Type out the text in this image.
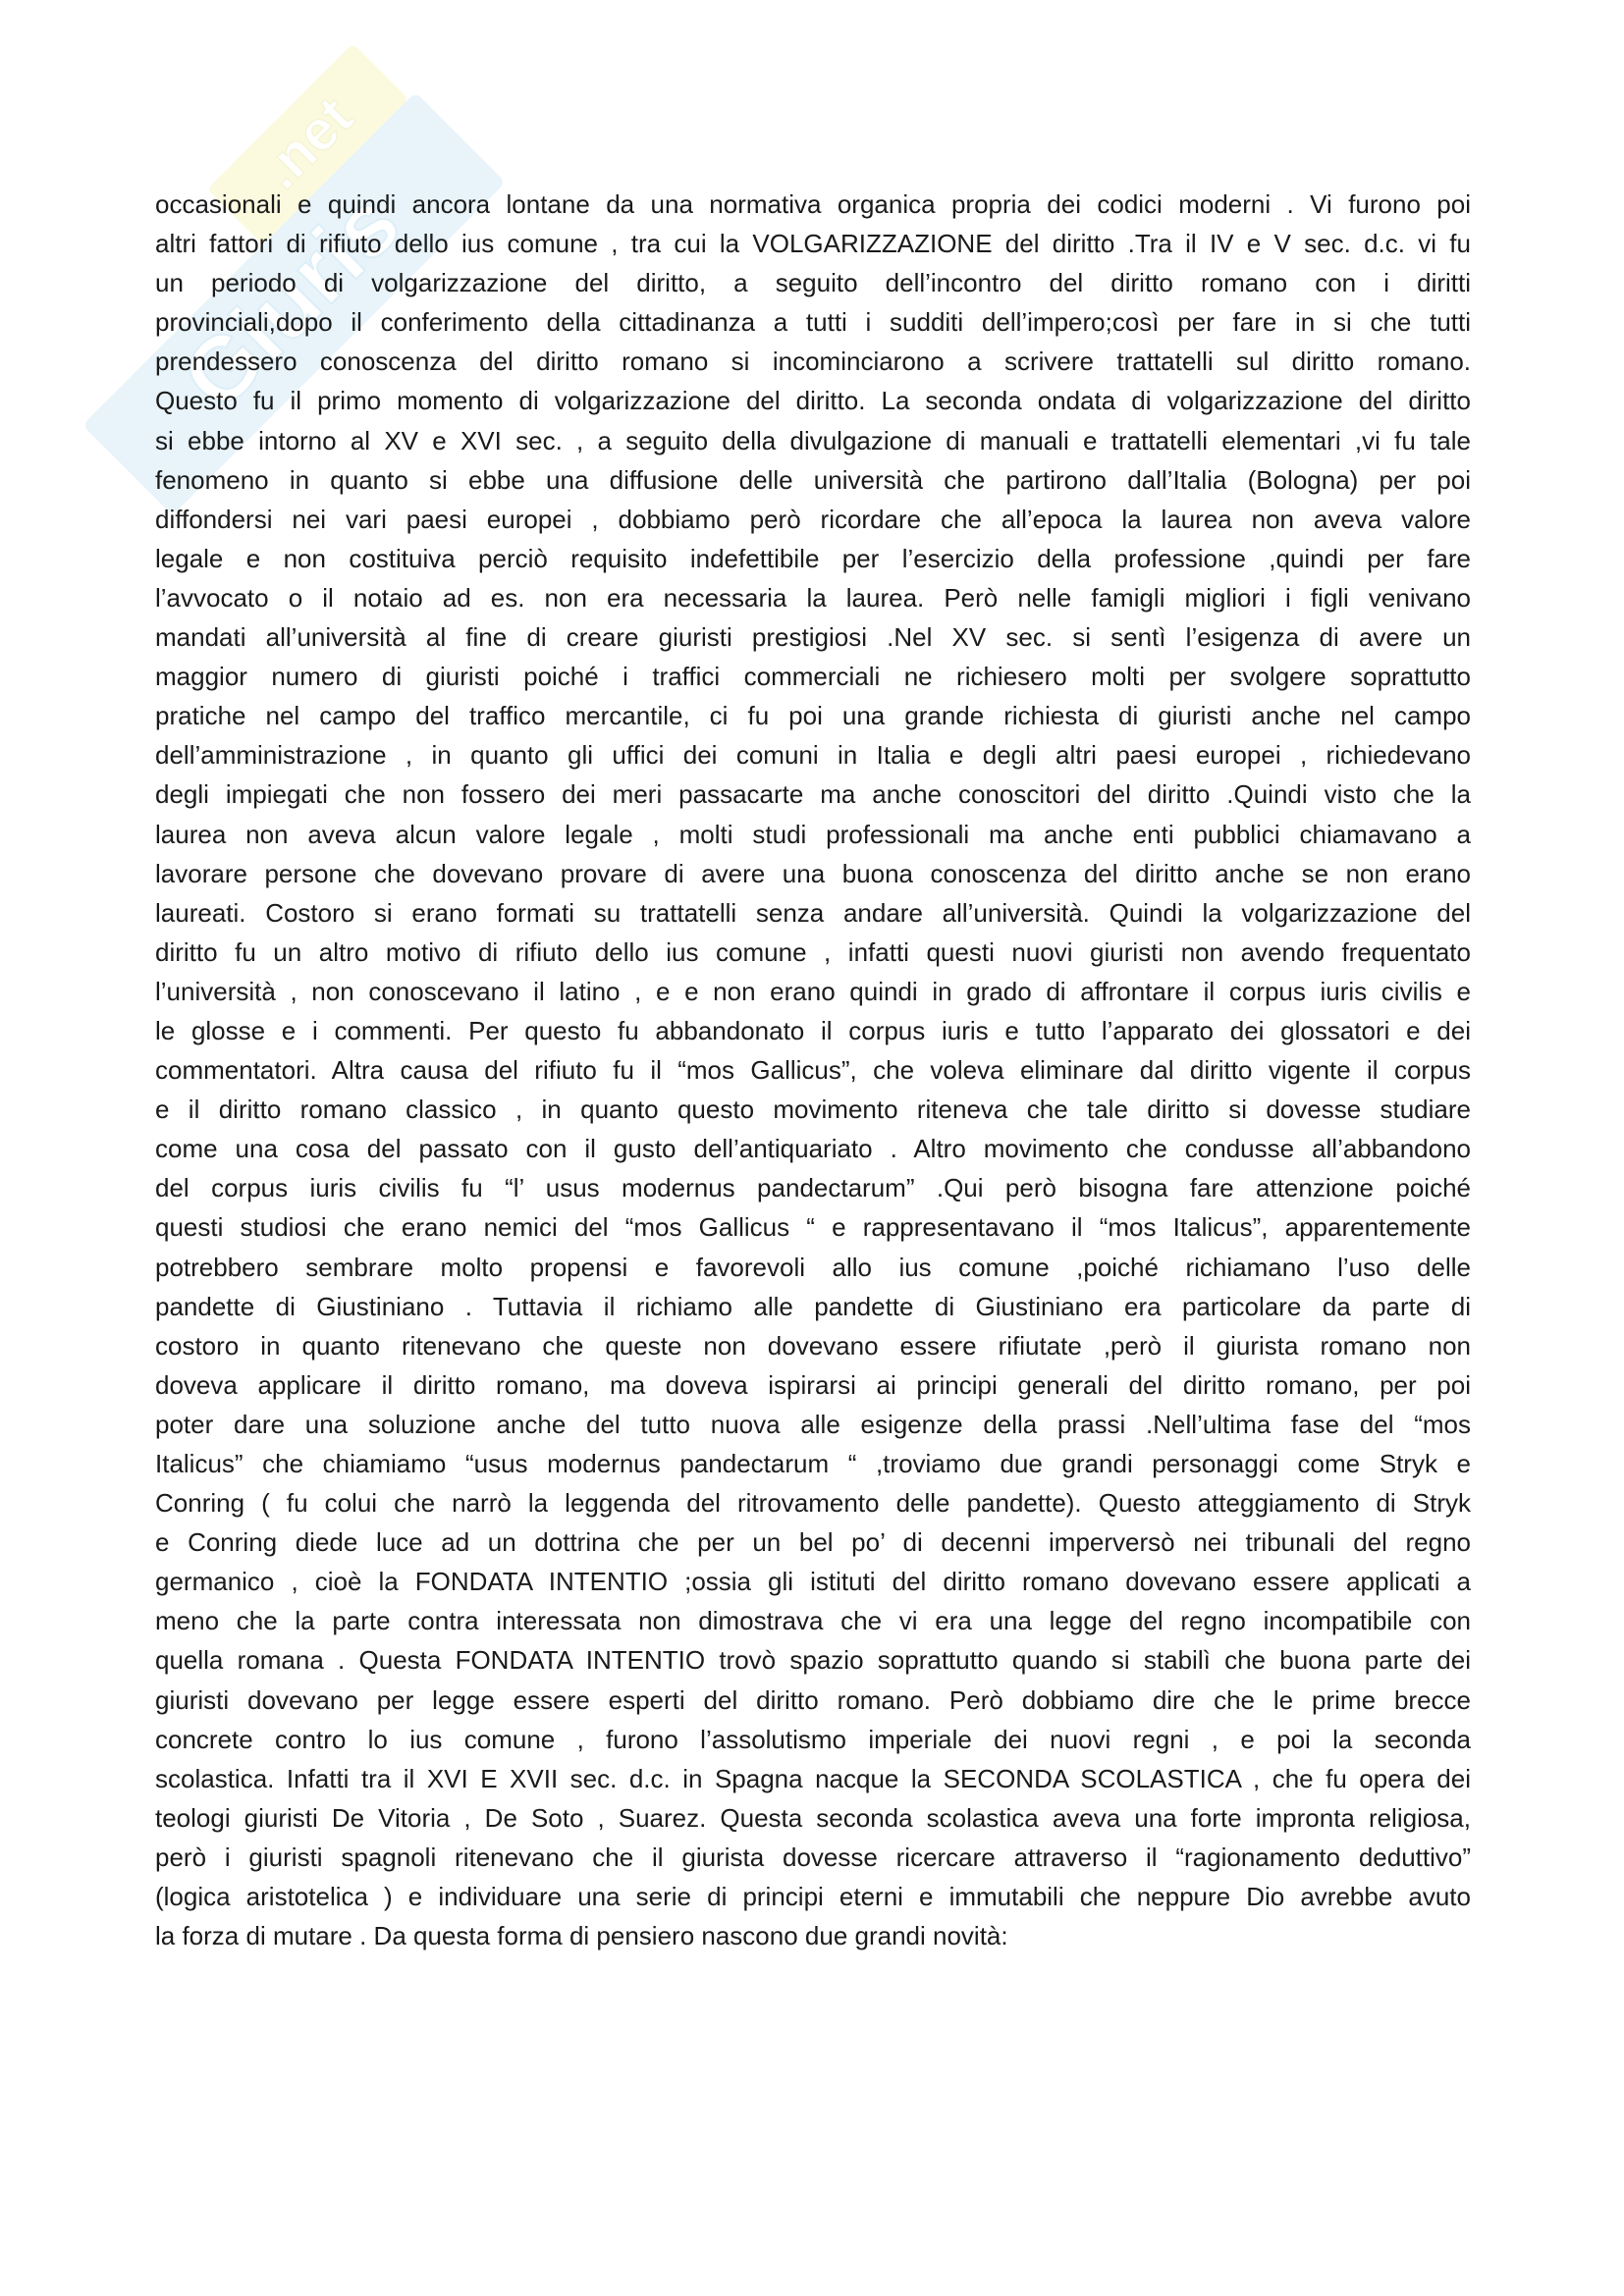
Giuris
.net
occasionali e quindi ancora lontane da una normativa organica propria dei codici moderni . Vi furono poi
altri fattori di rifiuto dello ius comune , tra cui la VOLGARIZZAZIONE del diritto .Tra il IV e V sec. d.c. vi fu
un periodo di volgarizzazione del diritto, a seguito dell’incontro del diritto romano con i diritti
provinciali,dopo il conferimento della cittadinanza a tutti i sudditi dell’impero;così per fare in si che tutti
prendessero conoscenza del diritto romano si incominciarono a scrivere trattatelli sul diritto romano.
Questo fu il primo momento di volgarizzazione del diritto. La seconda ondata di volgarizzazione del diritto
si ebbe intorno al XV e XVI sec. , a seguito della divulgazione di manuali e trattatelli elementari ,vi fu tale
fenomeno in quanto si ebbe una diffusione delle università che partirono dall’Italia (Bologna) per poi
diffondersi nei vari paesi europei , dobbiamo però ricordare che all’epoca la laurea non aveva valore
legale e non costituiva perciò requisito indefettibile per l’esercizio della professione ,quindi per fare
l’avvocato o il notaio ad es. non era necessaria la laurea. Però nelle famigli migliori i figli venivano
mandati all’università al fine di creare giuristi prestigiosi .Nel XV sec. si sentì l’esigenza di avere un
maggior numero di giuristi poiché i traffici commerciali ne richiesero molti per svolgere soprattutto
pratiche nel campo del traffico mercantile, ci fu poi una grande richiesta di giuristi anche nel campo
dell’amministrazione , in quanto gli uffici dei comuni in Italia e degli altri paesi europei , richiedevano
degli impiegati che non fossero dei meri passacarte ma anche conoscitori del diritto .Quindi visto che la
laurea non aveva alcun valore legale , molti studi professionali ma anche enti pubblici chiamavano a
lavorare persone che dovevano provare di avere una buona conoscenza del diritto anche se non erano
laureati. Costoro si erano formati su trattatelli senza andare all’università. Quindi la volgarizzazione del
diritto fu un altro motivo di rifiuto dello ius comune , infatti questi nuovi giuristi non avendo frequentato
l’università , non conoscevano il latino , e e non erano quindi in grado di affrontare il corpus iuris civilis e
le glosse e i commenti. Per questo fu abbandonato il corpus iuris e tutto l’apparato dei glossatori e dei
commentatori. Altra causa del rifiuto fu il “mos Gallicus”, che voleva eliminare dal diritto vigente il corpus
e il diritto romano classico , in quanto questo movimento riteneva che tale diritto si dovesse studiare
come una cosa del passato con il gusto dell’antiquariato . Altro movimento che condusse all’abbandono
del corpus iuris civilis fu “l’ usus modernus pandectarum” .Qui però bisogna fare attenzione poiché
questi studiosi che erano nemici del “mos Gallicus “ e rappresentavano il “mos Italicus”, apparentemente
potrebbero sembrare molto propensi e favorevoli allo ius comune ,poiché richiamano l’uso delle
pandette di Giustiniano . Tuttavia il richiamo alle pandette di Giustiniano era particolare da parte di
costoro in quanto ritenevano che queste non dovevano essere rifiutate ,però il giurista romano non
doveva applicare il diritto romano, ma doveva ispirarsi ai principi generali del diritto romano, per poi
poter dare una soluzione anche del tutto nuova alle esigenze della prassi .Nell’ultima fase del “mos
Italicus” che chiamiamo “usus modernus pandectarum “ ,troviamo due grandi personaggi come Stryk e
Conring ( fu colui che narrò la leggenda del ritrovamento delle pandette). Questo atteggiamento di Stryk
e Conring diede luce ad un dottrina che per un bel po’ di decenni imperversò nei tribunali del regno
germanico , cioè la FONDATA INTENTIO ;ossia gli istituti del diritto romano dovevano essere applicati a
meno che la parte contra interessata non dimostrava che vi era una legge del regno incompatibile con
quella romana . Questa FONDATA INTENTIO trovò spazio soprattutto quando si stabilì che buona parte dei
giuristi dovevano per legge essere esperti del diritto romano. Però dobbiamo dire che le prime brecce
concrete contro lo ius comune , furono l’assolutismo imperiale dei nuovi regni , e poi la seconda
scolastica. Infatti tra il XVI E XVII sec. d.c. in Spagna nacque la SECONDA SCOLASTICA , che fu opera dei
teologi giuristi De Vitoria , De Soto , Suarez. Questa seconda scolastica aveva una forte impronta religiosa,
però i giuristi spagnoli ritenevano che il giurista dovesse ricercare attraverso il “ragionamento deduttivo”
(logica aristotelica ) e individuare una serie di principi eterni e immutabili che neppure Dio avrebbe avuto
la forza di mutare . Da questa forma di pensiero nascono due grandi novità:
